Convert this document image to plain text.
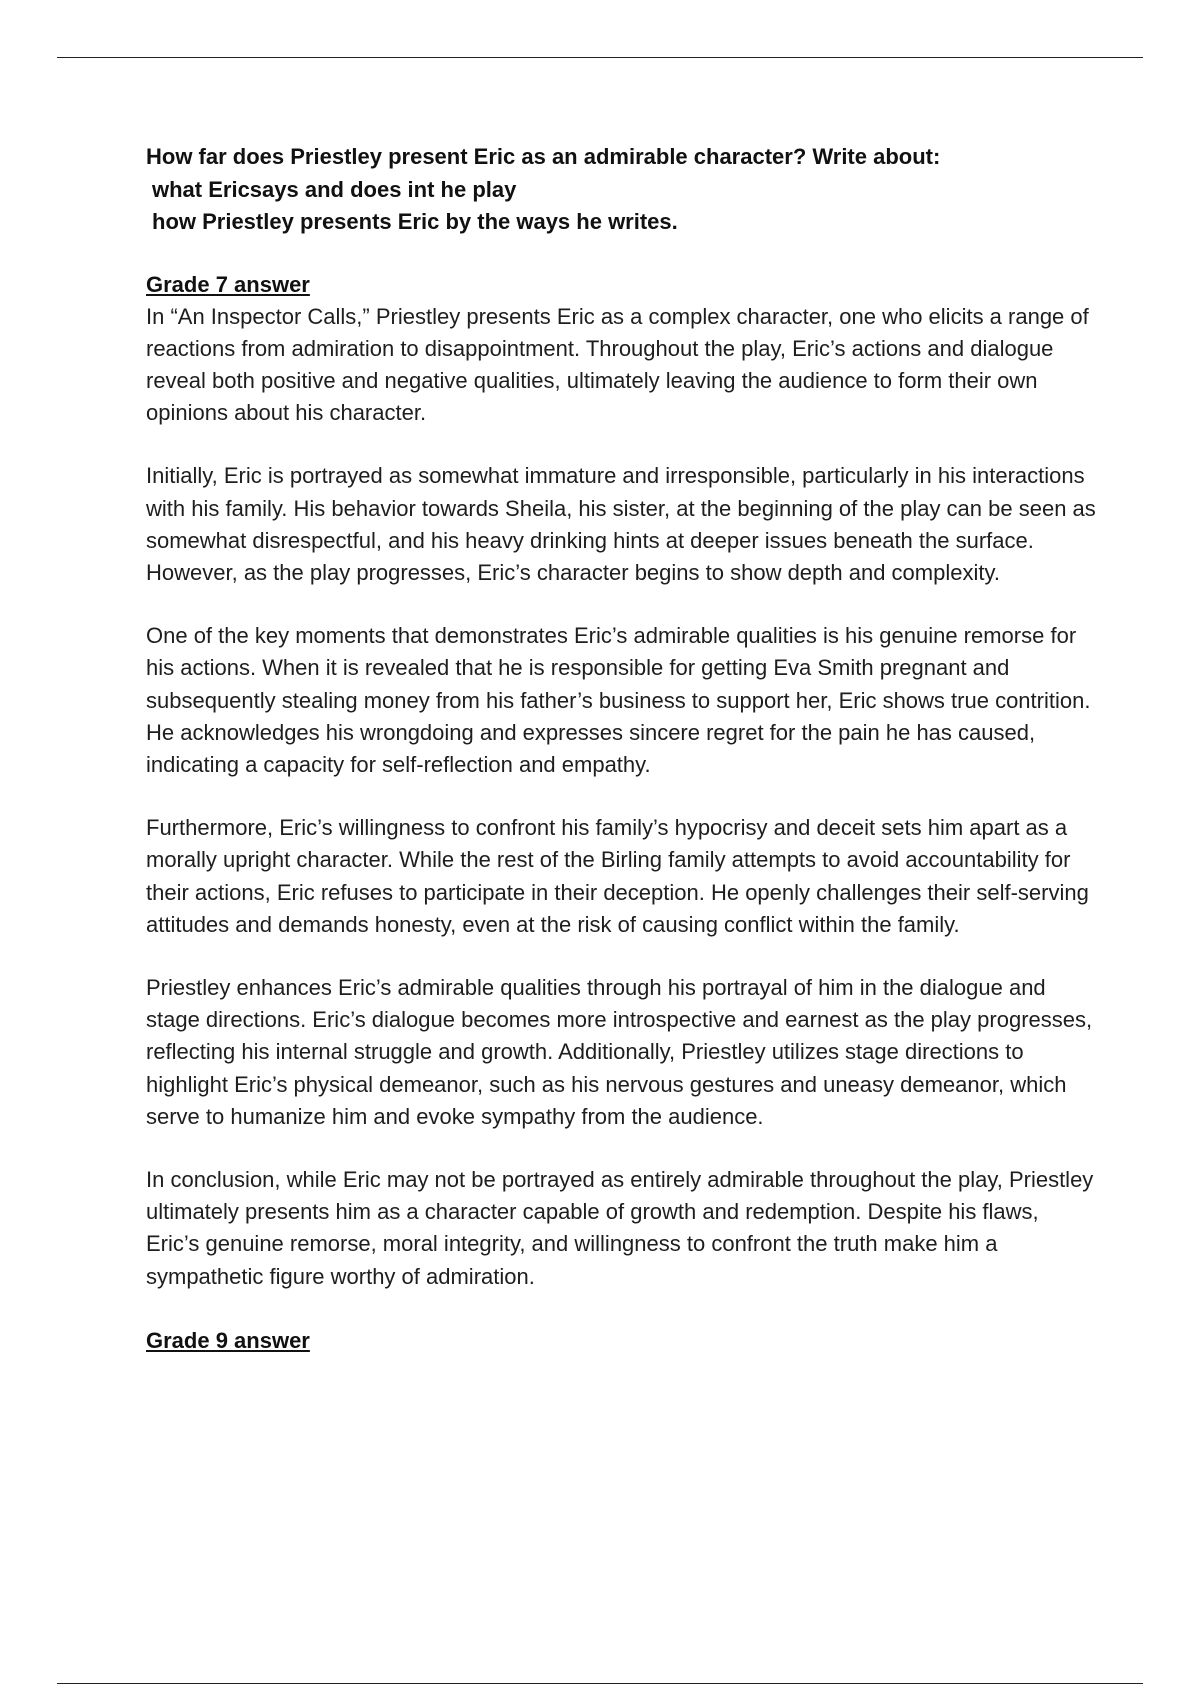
How far does Priestley present Eric as an admirable character? Write about:
what Ericsays and does int he play
how Priestley presents Eric by the ways he writes.

Grade 7 answer

In “An Inspector Calls,” Priestley presents Eric as a complex character, one who elicits a range of reactions from admiration to disappointment. Throughout the play, Eric’s actions and dialogue reveal both positive and negative qualities, ultimately leaving the audience to form their own opinions about his character.

Initially, Eric is portrayed as somewhat immature and irresponsible, particularly in his interactions with his family. His behavior towards Sheila, his sister, at the beginning of the play can be seen as somewhat disrespectful, and his heavy drinking hints at deeper issues beneath the surface. However, as the play progresses, Eric’s character begins to show depth and complexity.

One of the key moments that demonstrates Eric’s admirable qualities is his genuine remorse for his actions. When it is revealed that he is responsible for getting Eva Smith pregnant and subsequently stealing money from his father’s business to support her, Eric shows true contrition. He acknowledges his wrongdoing and expresses sincere regret for the pain he has caused, indicating a capacity for self-reflection and empathy.

Furthermore, Eric’s willingness to confront his family’s hypocrisy and deceit sets him apart as a morally upright character. While the rest of the Birling family attempts to avoid accountability for their actions, Eric refuses to participate in their deception. He openly challenges their self-serving attitudes and demands honesty, even at the risk of causing conflict within the family.

Priestley enhances Eric’s admirable qualities through his portrayal of him in the dialogue and stage directions. Eric’s dialogue becomes more introspective and earnest as the play progresses, reflecting his internal struggle and growth. Additionally, Priestley utilizes stage directions to highlight Eric’s physical demeanor, such as his nervous gestures and uneasy demeanor, which serve to humanize him and evoke sympathy from the audience.

In conclusion, while Eric may not be portrayed as entirely admirable throughout the play, Priestley ultimately presents him as a character capable of growth and redemption. Despite his flaws, Eric’s genuine remorse, moral integrity, and willingness to confront the truth make him a sympathetic figure worthy of admiration.

Grade 9 answer
